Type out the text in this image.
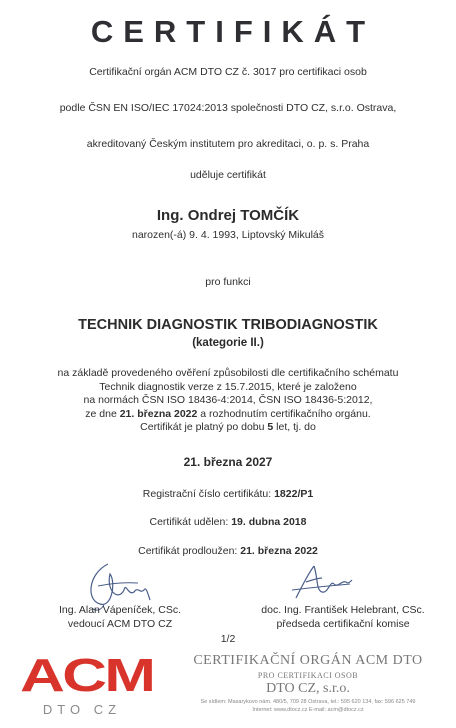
CERTIFIKÁT
Certifikační orgán ACM DTO CZ č. 3017 pro certifikaci osob
podle ČSN EN ISO/IEC 17024:2013 společnosti DTO CZ, s.r.o. Ostrava,
akreditovaný Českým institutem pro akreditaci, o. p. s. Praha
uděluje certifikát
Ing. Ondrej TOMČÍK
narozen(-á) 9. 4. 1993, Liptovský Mikuláš
pro funkci
TECHNIK DIAGNOSTIK TRIBODIAGNOSTIK
(kategorie II.)
na základě provedeného ověření způsobilosti dle certifikačního schématu
Technik diagnostik verze z 15.7.2015, které je založeno
na normách ČSN ISO 18436-4:2014, ČSN ISO 18436-5:2012,
ze dne 21. března 2022 a rozhodnutím certifikačního orgánu.
Certifikát je platný po dobu 5 let, tj. do
21. března 2027
Registrační číslo certifikátu: 1822/P1
Certifikát udělen: 19. dubna 2018
Certifikát prodloužen: 21. března 2022
Ing. Alan Vápeníček, CSc.
vedoucí ACM DTO CZ
doc. Ing. František Helebrant, CSc.
předseda certifikační komise
1/2
ACM
DTO CZ
CERTIFIKAČNÍ ORGÁN ACM DTO
PRO CERTIFIKACI OSOB
DTO CZ, s.r.o.
Se sídlem: Masarykovo nám. 480/5, 709 28 Ostrava, tel.: 595 620 134, fax: 596 625 749
Internet: www.dtocz.cz E-mail: acm@dtocz.cz
